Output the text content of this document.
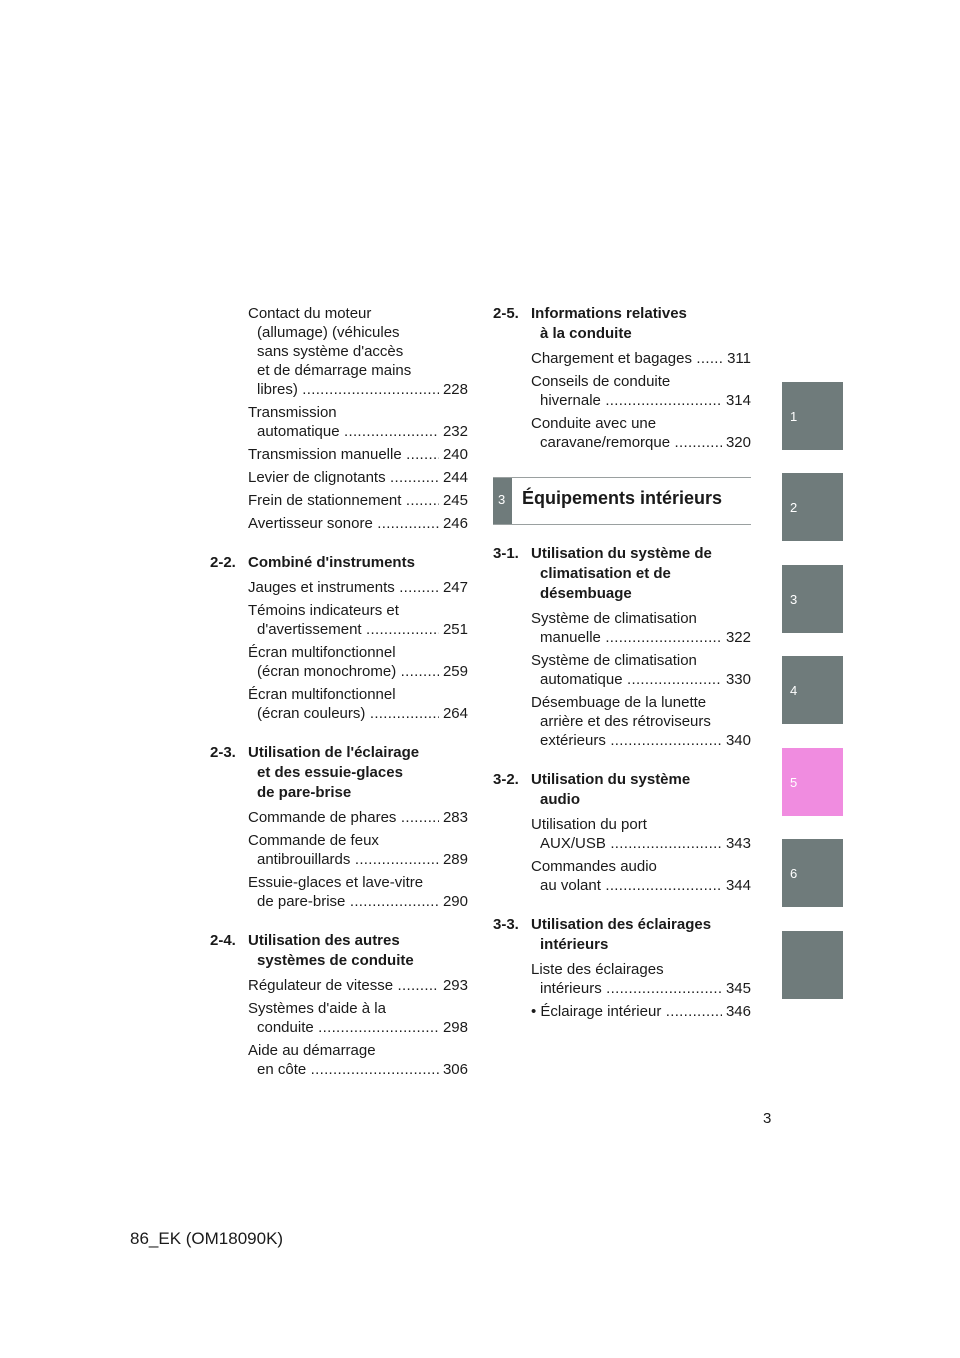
Contact du moteur
(allumage) (véhicules
sans système d'accès
et de démarrage mains
libres) .....	228
Transmission
automatique .....	232
Transmission manuelle .....	240
Levier de clignotants .....	244
Frein de stationnement .....	245
Avertisseur sonore .....	246
2-2. Combiné d'instruments
Jauges et instruments .....	247
Témoins indicateurs et
d'avertissement .....	251
Écran multifonctionnel
(écran monochrome) .....	259
Écran multifonctionnel
(écran couleurs) .....	264
2-3. Utilisation de l'éclairage
et des essuie-glaces
de pare-brise
Commande de phares .....	283
Commande de feux
antibrouillards .....	289
Essuie-glaces et lave-vitre
de pare-brise .....	290
2-4. Utilisation des autres
systèmes de conduite
Régulateur de vitesse .....	293
Systèmes d'aide à la
conduite .....	298
Aide au démarrage
en côte .....	306
2-5. Informations relatives
à la conduite
Chargement et bagages .....	311
Conseils de conduite
hivernale .....	314
Conduite avec une
caravane/remorque .....	320
3 Équipements intérieurs
3-1. Utilisation du système de
climatisation et de
désembuage
Système de climatisation
manuelle .....	322
Système de climatisation
automatique .....	330
Désembuage de la lunette
arrière et des rétroviseurs
extérieurs .....	340
3-2. Utilisation du système
audio
Utilisation du port
AUX/USB .....	343
Commandes audio
au volant .....	344
3-3. Utilisation des éclairages
intérieurs
Liste des éclairages
intérieurs .....	345
• Éclairage intérieur .....	346
1
2
3
4
5
6
3
86_EK (OM18090K)
